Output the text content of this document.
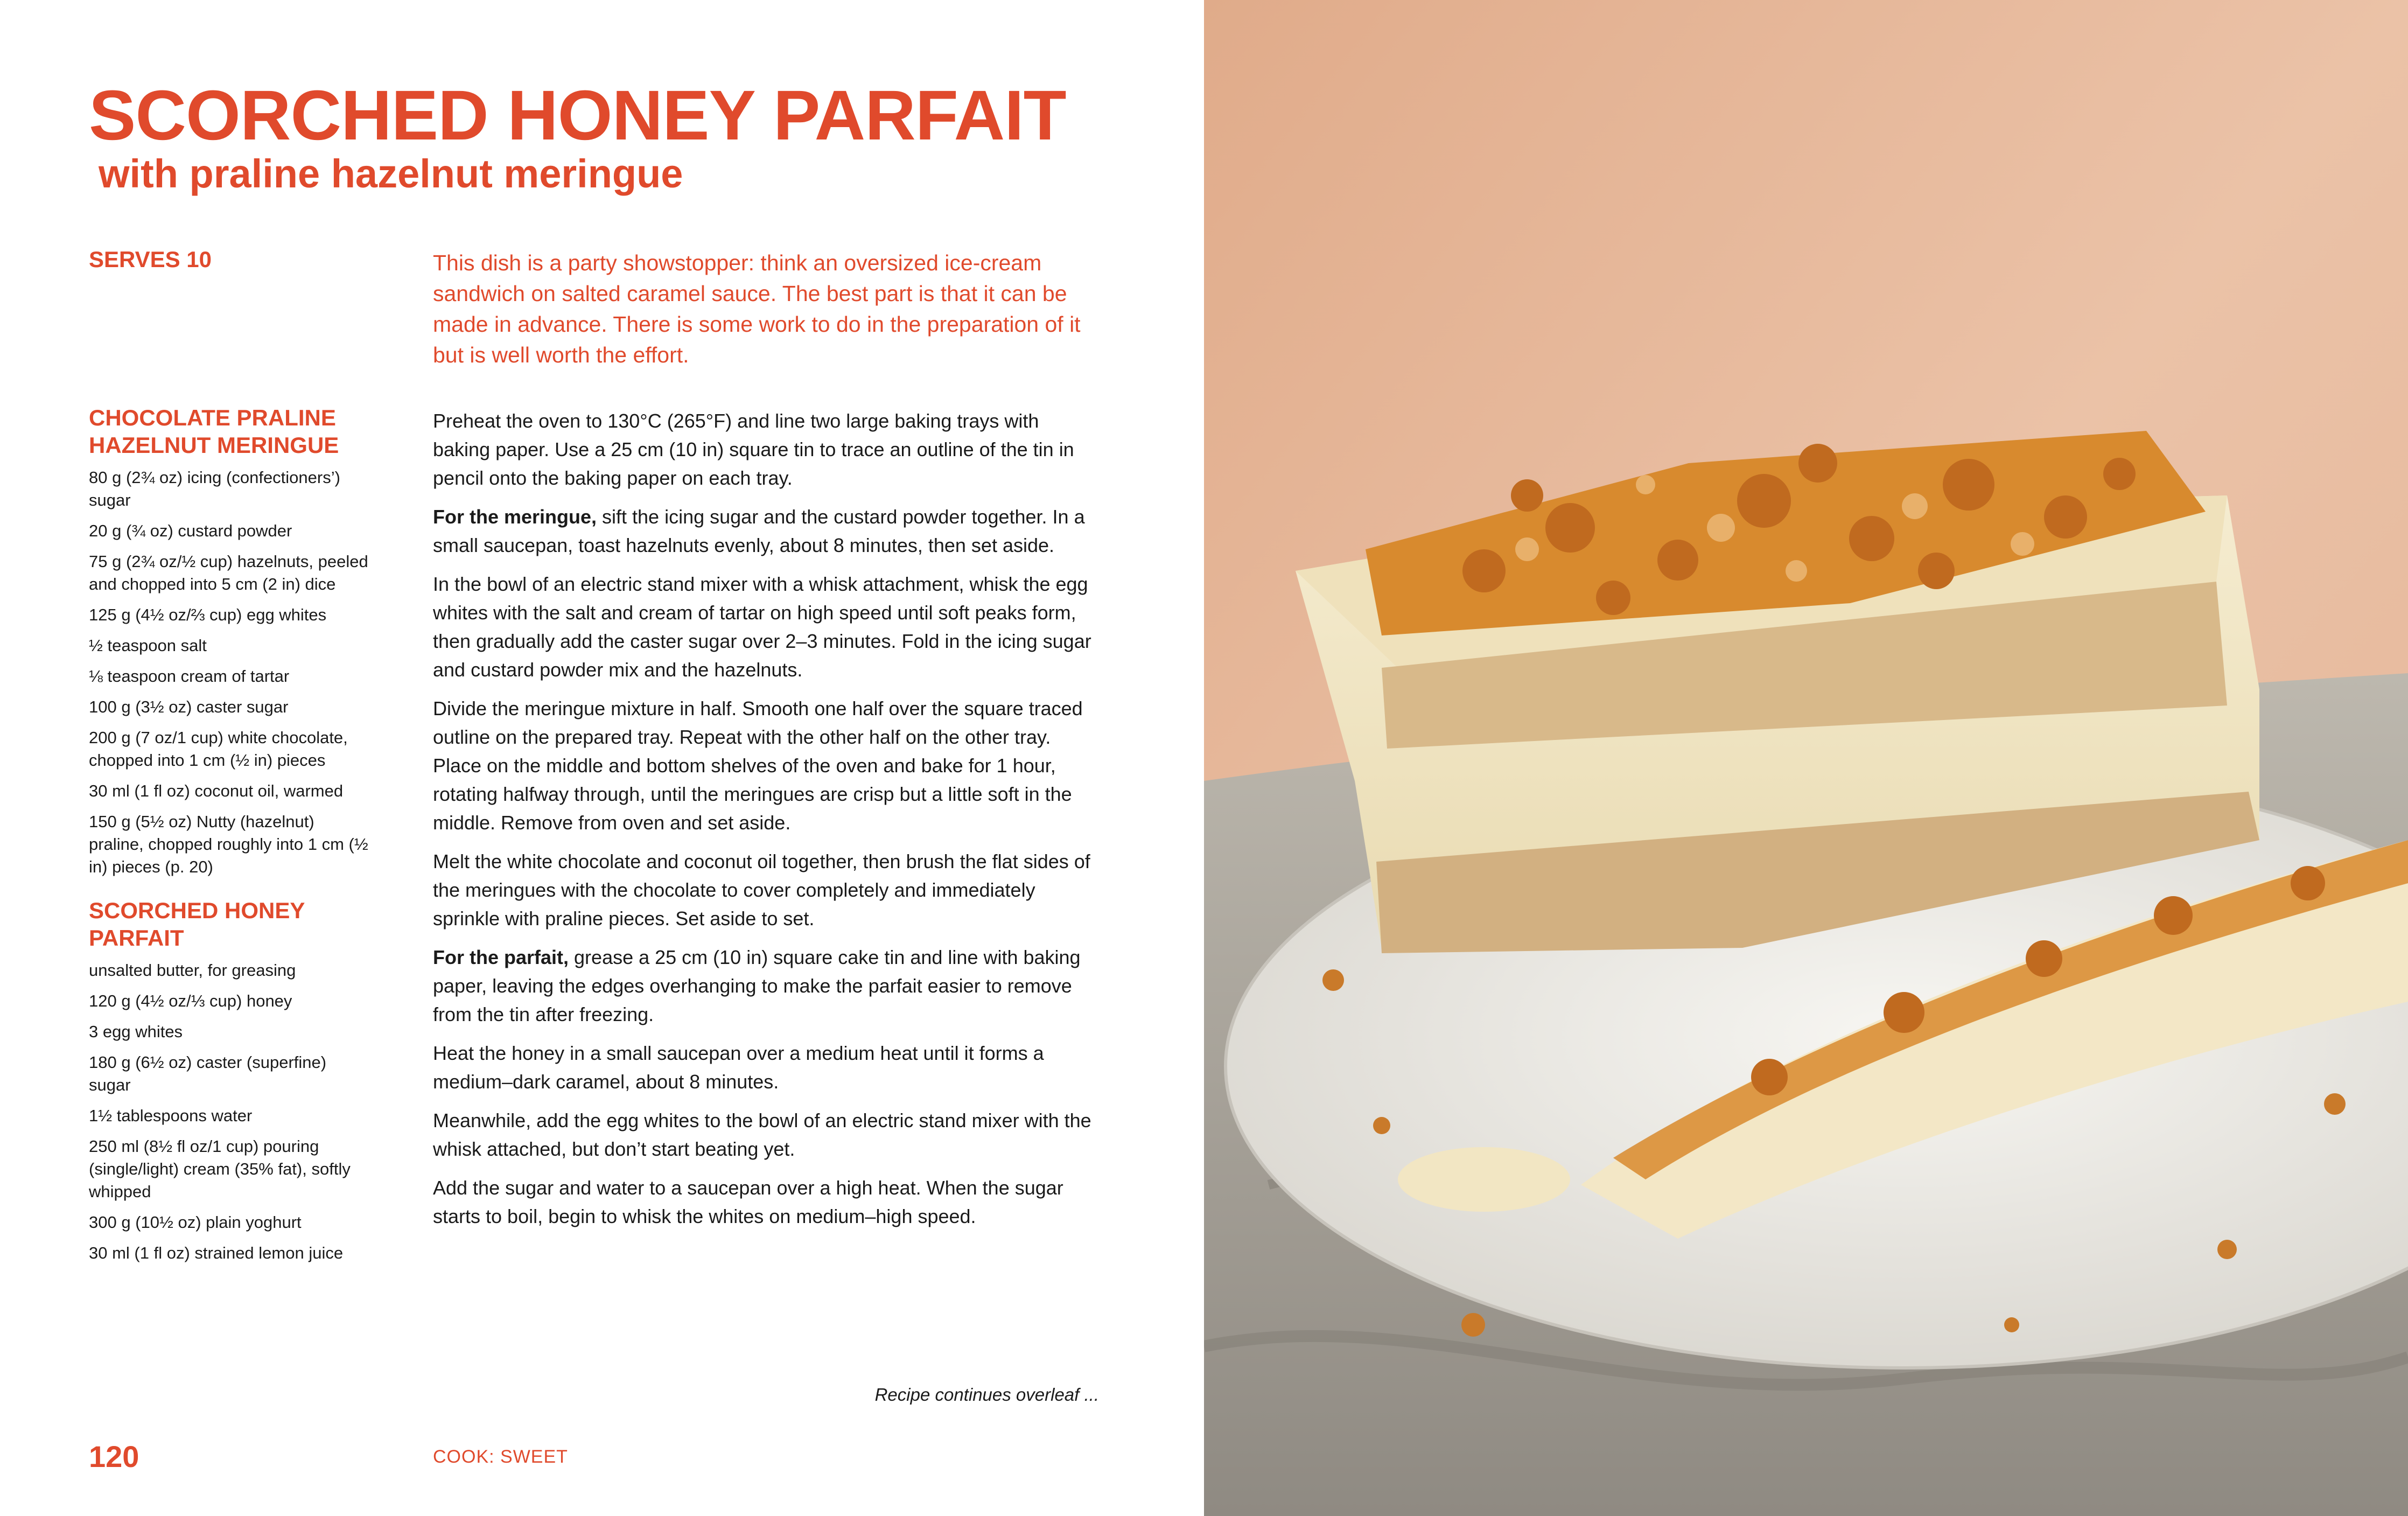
SCORCHED HONEY PARFAIT
with praline hazelnut meringue
SERVES 10	This dish is a party showstopper: think an oversized ice-cream sandwich on salted caramel sauce. The best part is that it can be made in advance. There is some work to do in the preparation of it but is well worth the effort.
CHOCOLATE PRALINE HAZELNUT MERINGUE
80 g (2¾ oz) icing (confectioners’) sugar
20 g (¾ oz) custard powder
75 g (2¾ oz/½ cup) hazelnuts, peeled and chopped into 5 cm (2 in) dice
125 g (4½ oz/⅔ cup) egg whites
½ teaspoon salt
⅛ teaspoon cream of tartar
100 g (3½ oz) caster sugar
200 g (7 oz/1 cup) white chocolate, chopped into 1 cm (½ in) pieces
30 ml (1 fl oz) coconut oil, warmed
150 g (5½ oz) Nutty (hazelnut) praline, chopped roughly into 1 cm (½ in) pieces (p. 20)
SCORCHED HONEY PARFAIT
unsalted butter, for greasing
120 g (4½ oz/⅓ cup) honey
3 egg whites
180 g (6½ oz) caster (superfine) sugar
1½ tablespoons water
250 ml (8½ fl oz/1 cup) pouring (single/light) cream (35% fat), softly whipped
300 g (10½ oz) plain yoghurt
30 ml (1 fl oz) strained lemon juice

Preheat the oven to 130°C (265°F) and line two large baking trays with baking paper. Use a 25 cm (10 in) square tin to trace an outline of the tin in pencil onto the baking paper on each tray.

For the meringue, sift the icing sugar and the custard powder together. In a small saucepan, toast hazelnuts evenly, about 8 minutes, then set aside.

In the bowl of an electric stand mixer with a whisk attachment, whisk the egg whites with the salt and cream of tartar on high speed until soft peaks form, then gradually add the caster sugar over 2–3 minutes. Fold in the icing sugar and custard powder mix and the hazelnuts.

Divide the meringue mixture in half. Smooth one half over the square traced outline on the prepared tray. Repeat with the other half on the other tray. Place on the middle and bottom shelves of the oven and bake for 1 hour, rotating halfway through, until the meringues are crisp but a little soft in the middle. Remove from oven and set aside.

Melt the white chocolate and coconut oil together, then brush the flat sides of the meringues with the chocolate to cover completely and immediately sprinkle with praline pieces. Set aside to set.

For the parfait, grease a 25 cm (10 in) square cake tin and line with baking paper, leaving the edges overhanging to make the parfait easier to remove from the tin after freezing.

Heat the honey in a small saucepan over a medium heat until it forms a medium–dark caramel, about 8 minutes.

Meanwhile, add the egg whites to the bowl of an electric stand mixer with the whisk attached, but don’t start beating yet.

Add the sugar and water to a saucepan over a high heat. When the sugar starts to boil, begin to whisk the whites on medium–high speed.

Recipe continues overleaf ...
120	COOK: SWEET
